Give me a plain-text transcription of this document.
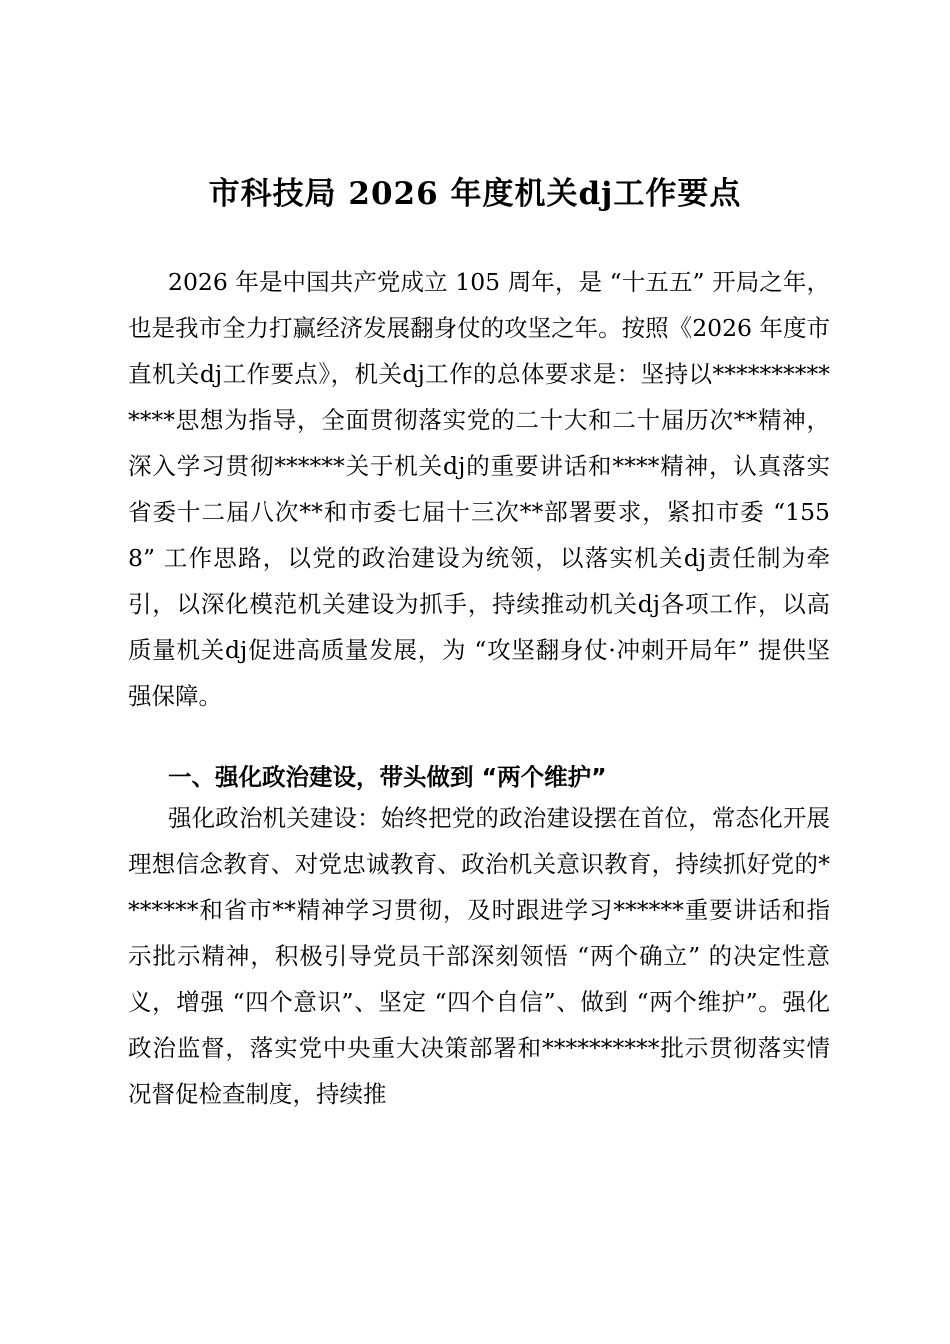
市科技局 2026 年度机关dj工作要点

2026 年是中国共产党成立 105 周年，是 “十五五” 开局之年，也是我市全力打赢经济发展翻身仗的攻坚之年。按照《2026 年度市直机关dj工作要点》，机关dj工作的总体要求是：坚持以**************思想为指导，全面贯彻落实党的二十大和二十届历次**精神，深入学习贯彻******关于机关dj的重要讲话和****精神，认真落实省委十二届八次**和市委七届十三次**部署要求，紧扣市委 “1558” 工作思路，以党的政治建设为统领，以落实机关dj责任制为牵引，以深化模范机关建设为抓手，持续推动机关dj各项工作，以高质量机关dj促进高质量发展，为 “攻坚翻身仗·冲刺开局年” 提供坚强保障。

一、强化政治建设，带头做到 “两个维护”

强化政治机关建设：始终把党的政治建设摆在首位，常态化开展理想信念教育、对党忠诚教育、政治机关意识教育，持续抓好党的*******和省市**精神学习贯彻，及时跟进学习******重要讲话和指示批示精神，积极引导党员干部深刻领悟 “两个确立” 的决定性意义，增强 “四个意识”、坚定 “四个自信”、做到 “两个维护”。强化政治监督，落实党中央重大决策部署和**********批示贯彻落实情况督促检查制度，持续推
